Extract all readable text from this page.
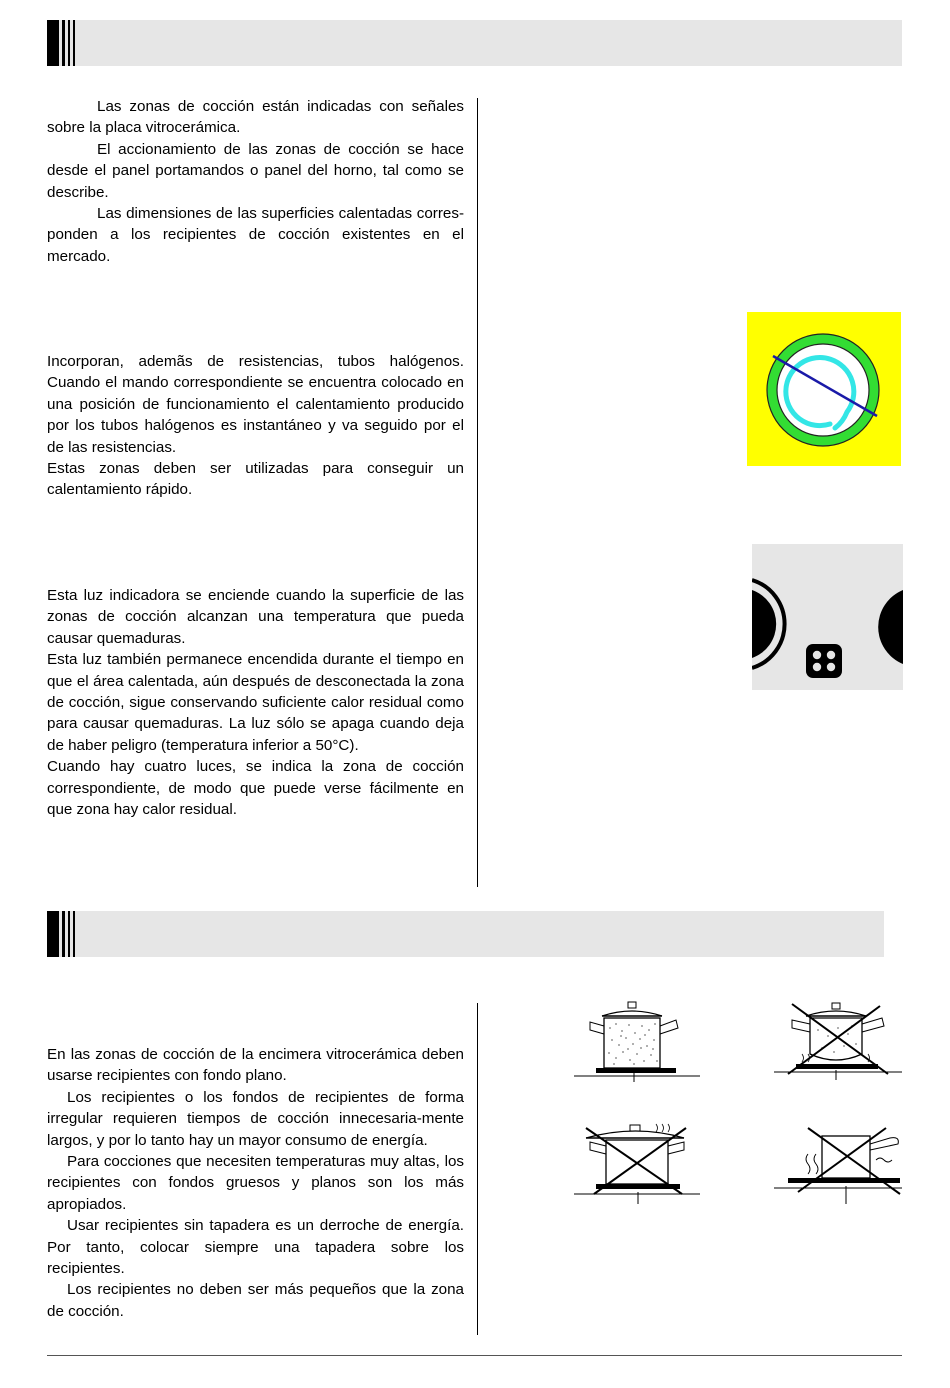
Las zonas de cocción están indicadas con señales sobre la placa vitrocerámica.

El accionamiento de las zonas de cocción se hace desde el panel portamandos o panel del horno, tal como se describe.

Las dimensiones de las superficies calentadas corres-ponden a los recipientes de cocción existentes en el mercado.

Incorporan, ademãs de resistencias, tubos halógenos. Cuando el mando correspondiente se encuentra colocado en una posición de funcionamiento el calentamiento producido por los tubos halógenos es instantáneo y va seguido por el de las resistencias.

Estas zonas deben ser utilizadas para conseguir un calentamiento rápido.

Esta luz indicadora se enciende cuando la superficie de las zonas de cocción alcanzan una temperatura que pueda causar quemaduras.

Esta luz también permanece encendida durante el tiempo en que el área calentada, aún después de desconectada la zona de cocción, sigue conservando suficiente calor residual como para causar quemaduras. La luz sólo se apaga cuando deja de haber peligro (temperatura inferior a 50°C).

Cuando hay cuatro luces, se indica la zona de cocción correspondiente, de modo que puede verse fácilmente en que zona hay calor residual.

En las zonas de cocción de la encimera vitrocerámica deben usarse recipientes con fondo plano.

Los recipientes o los fondos de recipientes de forma irregular requieren tiempos de cocción innecesaria-mente largos, y por lo tanto hay un mayor consumo de energía.

Para cocciones que necesiten temperaturas muy altas, los recipientes con fondos gruesos y planos son los más apropiados.

Usar recipientes sin tapadera es un derroche de energía. Por tanto, colocar siempre una tapadera sobre los recipientes.

Los recipientes no deben ser más pequeños que la zona de cocción.
